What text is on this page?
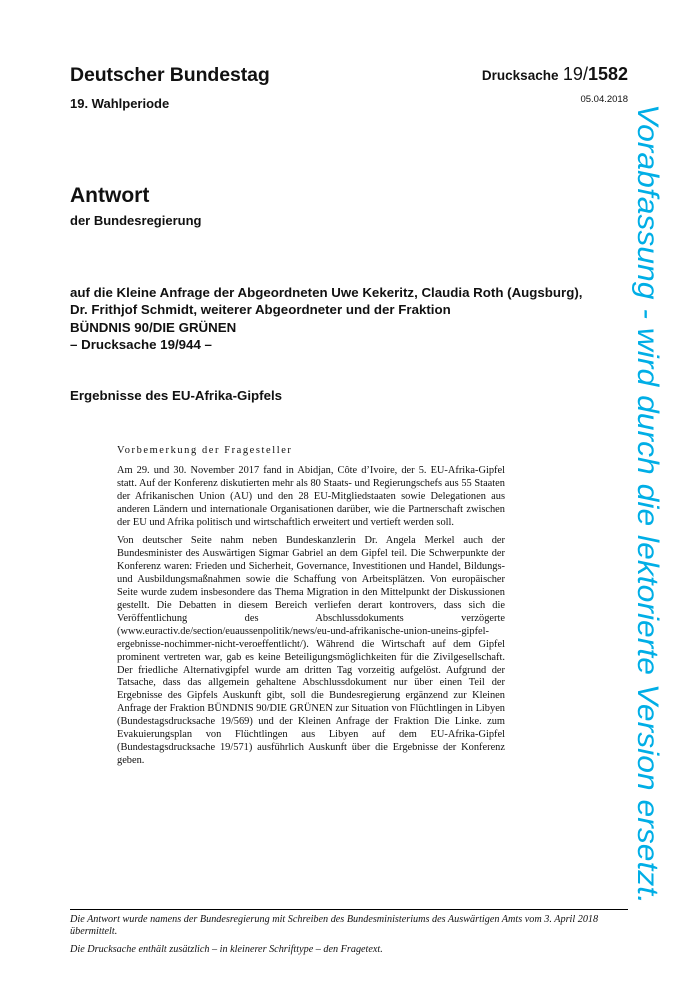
Deutscher Bundestag
19. Wahlperiode
Drucksache 19/1582
05.04.2018
Antwort
der Bundesregierung
auf die Kleine Anfrage der Abgeordneten Uwe Kekeritz, Claudia Roth (Augsburg),
Dr. Frithjof Schmidt, weiterer Abgeordneter und der Fraktion
BÜNDNIS 90/DIE GRÜNEN
– Drucksache 19/944 –
Ergebnisse des EU-Afrika-Gipfels
Vorbemerkung der Fragesteller

Am 29. und 30. November 2017 fand in Abidjan, Côte d’Ivoire, der 5. EU-Afrika-Gipfel statt. Auf der Konferenz diskutierten mehr als 80 Staats- und Regierungschefs aus 55 Staaten der Afrikanischen Union (AU) und den 28 EU-Mitgliedstaaten sowie Delegationen aus anderen Ländern und internationale Organisationen darüber, wie die Partnerschaft zwischen der EU und Afrika politisch und wirtschaftlich erweitert und vertieft werden soll.

Von deutscher Seite nahm neben Bundeskanzlerin Dr. Angela Merkel auch der Bundesminister des Auswärtigen Sigmar Gabriel an dem Gipfel teil. Die Schwerpunkte der Konferenz waren: Frieden und Sicherheit, Governance, Investitionen und Handel, Bildungs- und Ausbildungsmaßnahmen sowie die Schaffung von Arbeitsplätzen. Von europäischer Seite wurde zudem insbesondere das Thema Migration in den Mittelpunkt der Diskussionen gestellt. Die Debatten in diesem Bereich verliefen derart kontrovers, dass sich die Veröffentlichung des Abschlussdokuments verzögerte (www.euractiv.de/section/euaussenpolitik/news/eu-und-afrikanische-union-uneins-gipfel-ergebnisse-nochimmer-nicht-veroeffentlicht/). Während die Wirtschaft auf dem Gipfel prominent vertreten war, gab es keine Beteiligungsmöglichkeiten für die Zivilgesellschaft. Der friedliche Alternativgipfel wurde am dritten Tag vorzeitig aufgelöst. Aufgrund der Tatsache, dass das allgemein gehaltene Abschlussdokument nur über einen Teil der Ergebnisse des Gipfels Auskunft gibt, soll die Bundesregierung ergänzend zur Kleinen Anfrage der Fraktion BÜNDNIS 90/DIE GRÜNEN zur Situation von Flüchtlingen in Libyen (Bundestagsdrucksache 19/569) und der Kleinen Anfrage der Fraktion Die Linke. zum Evakuierungsplan von Flüchtlingen aus Libyen auf dem EU-Afrika-Gipfel (Bundestagsdrucksache 19/571) ausführlich Auskunft über die Ergebnisse der Konferenz geben.	Vorabfassung - wird durch die lektorierte Version ersetzt.
Die Antwort wurde namens der Bundesregierung mit Schreiben des Bundesministeriums des Auswärtigen Amts vom 3. April 2018 übermittelt.
Die Drucksache enthält zusätzlich – in kleinerer Schrifttype – den Fragetext.
